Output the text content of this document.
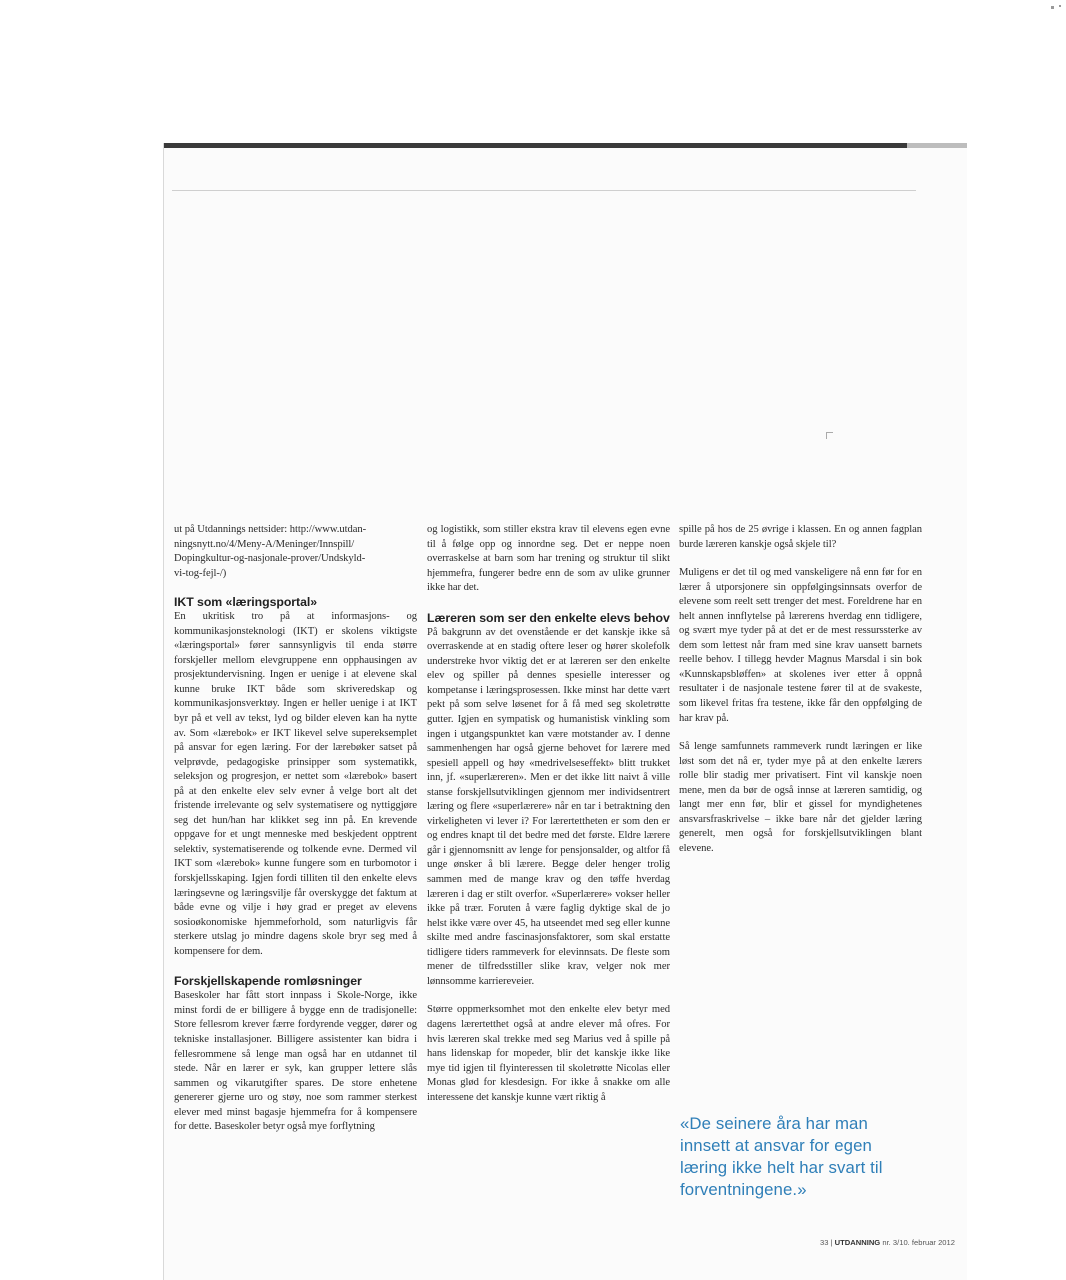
ut på Utdannings nettsider: http://www.utdan-

ningsnytt.no/4/Meny-A/Meninger/Innspill/

Dopingkultur-og-nasjonale-prover/Undskyld-

vi-tog-fejl-/)

IKT som «læringsportal»

En ukritisk tro på at informasjons- og kommunikasjonsteknologi (IKT) er skolens viktigste «læringsportal» fører sannsynligvis til enda større forskjeller mellom elevgruppene enn opphausingen av prosjektundervisning. Ingen er uenige i at elevene skal kunne bruke IKT både som skriveredskap og kommunikasjonsverktøy. Ingen er heller uenige i at IKT byr på et vell av tekst, lyd og bilder eleven kan ha nytte av. Som «lærebok» er IKT likevel selve supereksemplet på ansvar for egen læring. For der lærebøker satset på velprøvde, pedagogiske prinsipper som systematikk, seleksjon og progresjon, er nettet som «lærebok» basert på at den enkelte elev selv evner å velge bort alt det fristende irrelevante og selv systematisere og nyttiggjøre seg det hun/han har klikket seg inn på. En krevende oppgave for et ungt menneske med beskjedent opptrent selektiv, systematiserende og tolkende evne. Dermed vil IKT som «lærebok» kunne fungere som en turbomotor i forskjellsskaping. Igjen fordi tilliten til den enkelte elevs læringsevne og læringsvilje får overskygge det faktum at både evne og vilje i høy grad er preget av elevens sosioøkonomiske hjemmeforhold, som naturligvis får sterkere utslag jo mindre dagens skole bryr seg med å kompensere for dem.

Forskjellskapende romløsninger

Baseskoler har fått stort innpass i Skole-Norge, ikke minst fordi de er billigere å bygge enn de tradisjonelle: Store fellesrom krever færre fordyrende vegger, dører og tekniske installasjoner. Billigere assistenter kan bidra i fellesrommene så lenge man også har en utdannet til stede. Når en lærer er syk, kan grupper lettere slås sammen og vikarutgifter spares. De store enhetene genererer gjerne uro og støy, noe som rammer sterkest elever med minst bagasje hjemmefra for å kompensere for dette. Baseskoler betyr også mye forflytning

og logistikk, som stiller ekstra krav til elevens egen evne til å følge opp og innordne seg. Det er neppe noen overraskelse at barn som har trening og struktur til slikt hjemmefra, fungerer bedre enn de som av ulike grunner ikke har det.

Læreren som ser den enkelte elevs behov

På bakgrunn av det ovenstående er det kanskje ikke så overraskende at en stadig oftere leser og hører skolefolk understreke hvor viktig det er at læreren ser den enkelte elev og spiller på dennes spesielle interesser og kompetanse i læringsprosessen. Ikke minst har dette vært pekt på som selve løsenet for å få med seg skoletrøtte gutter. Igjen en sympatisk og humanistisk vinkling som ingen i utgangspunktet kan være motstander av. I denne sammenhengen har også gjerne behovet for lærere med spesiell appell og høy «medrivelseseffekt» blitt trukket inn, jf. «superlæreren». Men er det ikke litt naivt å ville stanse forskjellsutviklingen gjennom mer individsentrert læring og flere «superlærere» når en tar i betraktning den virkeligheten vi lever i? For lærertettheten er som den er og endres knapt til det bedre med det første. Eldre lærere går i gjennomsnitt av lenge for pensjonsalder, og altfor få unge ønsker å bli lærere. Begge deler henger trolig sammen med de mange krav og den tøffe hverdag læreren i dag er stilt overfor. «Superlærere» vokser heller ikke på trær. Foruten å være faglig dyktige skal de jo helst ikke være over 45, ha utseendet med seg eller kunne skilte med andre fascinasjonsfaktorer, som skal erstatte tidligere tiders rammeverk for elevinnsats. De fleste som mener de tilfredsstiller slike krav, velger nok mer lønnsomme karriereveier.

Større oppmerksomhet mot den enkelte elev betyr med dagens lærertetthet også at andre elever må ofres. For hvis læreren skal trekke med seg Marius ved å spille på hans lidenskap for mopeder, blir det kanskje ikke like mye tid igjen til flyinteressen til skoletrøtte Nicolas eller Monas glød for klesdesign. For ikke å snakke om alle interessene det kanskje kunne vært riktig å

spille på hos de 25 øvrige i klassen. En og annen fagplan burde læreren kanskje også skjele til?

Muligens er det til og med vanskeligere nå enn før for en lærer å utporsjonere sin oppfølgingsinnsats overfor de elevene som reelt sett trenger det mest. Foreldrene har en helt annen innflytelse på lærerens hverdag enn tidligere, og svært mye tyder på at det er de mest ressurssterke av dem som lettest når fram med sine krav uansett barnets reelle behov. I tillegg hevder Magnus Marsdal i sin bok «Kunnskapsbløffen» at skolenes iver etter å oppnå resultater i de nasjonale testene fører til at de svakeste, som likevel fritas fra testene, ikke får den oppfølging de har krav på.

Så lenge samfunnets rammeverk rundt læringen er like løst som det nå er, tyder mye på at den enkelte lærers rolle blir stadig mer privatisert. Fint vil kanskje noen mene, men da bør de også innse at læreren samtidig, og langt mer enn før, blir et gissel for myndighetenes ansvarsfraskrivelse – ikke bare når det gjelder læring generelt, men også for forskjellsutviklingen blant elevene.

«De seinere åra har man innsett at ansvar for egen læring ikke helt har svart til forventningene.»
33 | UTDANNING nr. 3/10. februar 2012
